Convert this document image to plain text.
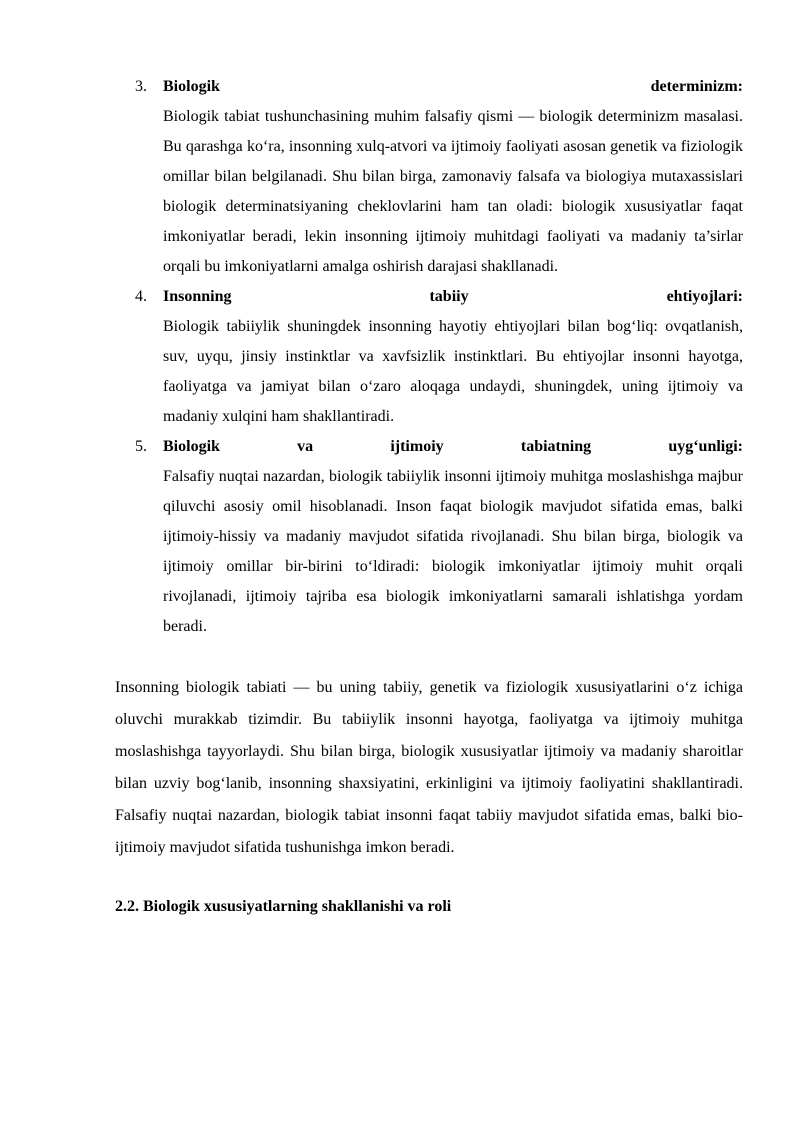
3. Biologik determinizm:

Biologik tabiat tushunchasining muhim falsafiy qismi — biologik determinizm masalasi. Bu qarashga ko‘ra, insonning xulq-atvori va ijtimoiy faoliyati asosan genetik va fiziologik omillar bilan belgilanadi. Shu bilan birga, zamonaviy falsafa va biologiya mutaxassislari biologik determinatsiyaning cheklovlarini ham tan oladi: biologik xususiyatlar faqat imkoniyatlar beradi, lekin insonning ijtimoiy muhitdagi faoliyati va madaniy ta’sirlar orqali bu imkoniyatlarni amalga oshirish darajasi shakllanadi.

4. Insonning tabiiy ehtiyojlari:

Biologik tabiiylik shuningdek insonning hayotiy ehtiyojlari bilan bog‘liq: ovqatlanish, suv, uyqu, jinsiy instinktlar va xavfsizlik instinktlari. Bu ehtiyojlar insonni hayotga, faoliyatga va jamiyat bilan o‘zaro aloqaga undaydi, shuningdek, uning ijtimoiy va madaniy xulqini ham shakllantiradi.

5. Biologik va ijtimoiy tabiatning uyg‘unligi:

Falsafiy nuqtai nazardan, biologik tabiiylik insonni ijtimoiy muhitga moslashishga majbur qiluvchi asosiy omil hisoblanadi. Inson faqat biologik mavjudot sifatida emas, balki ijtimoiy-hissiy va madaniy mavjudot sifatida rivojlanadi. Shu bilan birga, biologik va ijtimoiy omillar bir-birini to‘ldiradi: biologik imkoniyatlar ijtimoiy muhit orqali rivojlanadi, ijtimoiy tajriba esa biologik imkoniyatlarni samarali ishlatishga yordam beradi.

Insonning biologik tabiati — bu uning tabiiy, genetik va fiziologik xususiyatlarini o‘z ichiga oluvchi murakkab tizimdir. Bu tabiiylik insonni hayotga, faoliyatga va ijtimoiy muhitga moslashishga tayyorlaydi. Shu bilan birga, biologik xususiyatlar ijtimoiy va madaniy sharoitlar bilan uzviy bog‘lanib, insonning shaxsiyatini, erkinligini va ijtimoiy faoliyatini shakllantiradi. Falsafiy nuqtai nazardan, biologik tabiat insonni faqat tabiiy mavjudot sifatida emas, balki bio-ijtimoiy mavjudot sifatida tushunishga imkon beradi.

2.2. Biologik xususiyatlarning shakllanishi va roli
